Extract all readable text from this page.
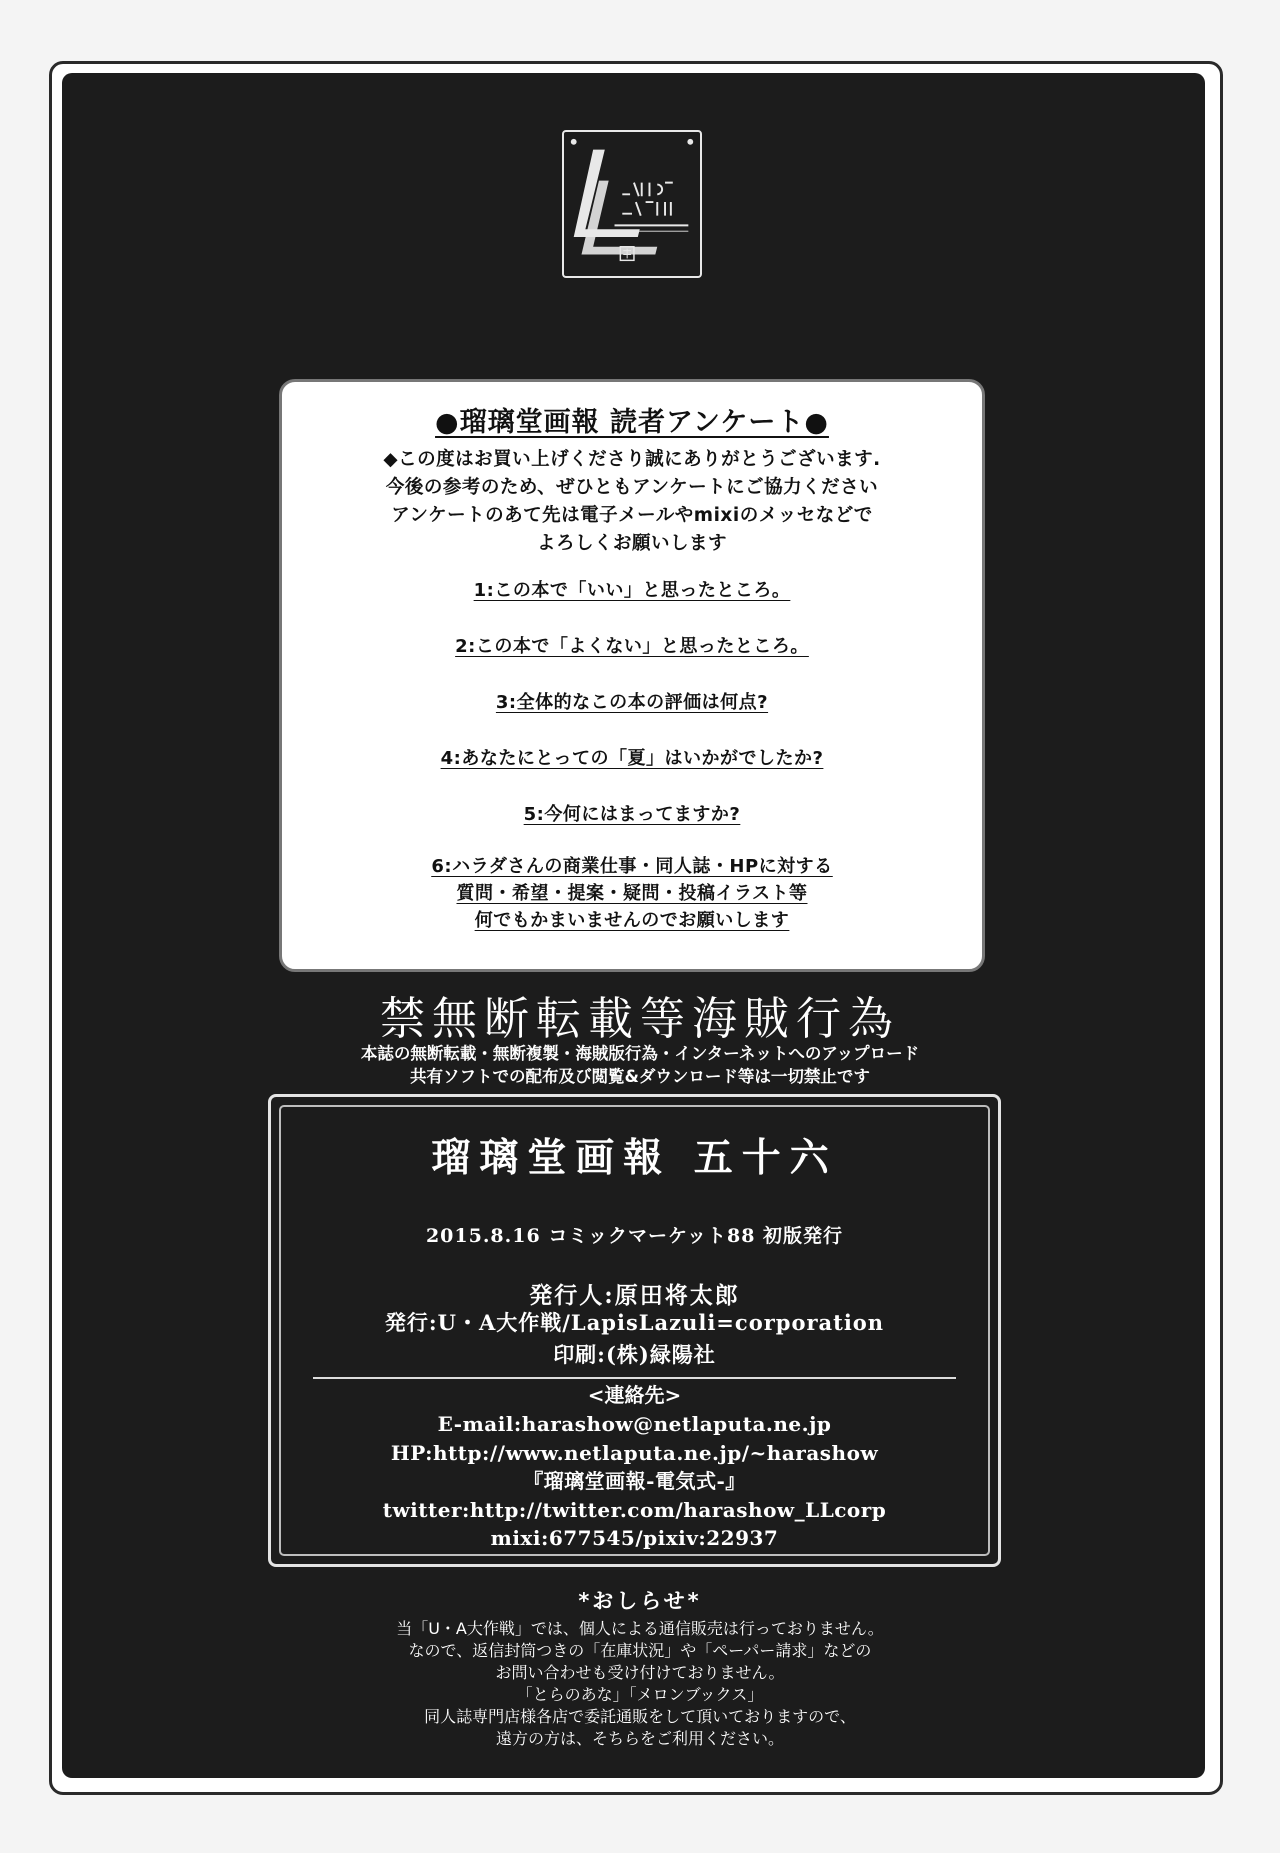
●瑠璃堂画報 読者アンケート●
◆この度はお買い上げくださり誠にありがとうございます.
今後の参考のため、ぜひともアンケートにご協力ください
アンケートのあて先は電子メールやmixiのメッセなどで
よろしくお願いします
1:この本で「いい」と思ったところ。
2:この本で「よくない」と思ったところ。
3:全体的なこの本の評価は何点?
4:あなたにとっての「夏」はいかがでしたか?
5:今何にはまってますか?
6:ハラダさんの商業仕事・同人誌・HPに対する
質問・希望・提案・疑問・投稿イラスト等
何でもかまいませんのでお願いします
禁無断転載等海賊行為
本誌の無断転載・無断複製・海賊版行為・インターネットへのアップロード
共有ソフトでの配布及び閲覧&ダウンロード等は一切禁止です
瑠璃堂画報 五十六
2015.8.16 コミックマーケット88 初版発行
発行人:原田将太郎
発行:U・A大作戦/LapisLazuli=corporation
印刷:(株)緑陽社
<連絡先>
E-mail:harashow@netlaputa.ne.jp
HP:http://www.netlaputa.ne.jp/~harashow
『瑠璃堂画報-電気式-』
twitter:http://twitter.com/harashow_LLcorp
mixi:677545/pixiv:22937
*おしらせ*
当「U・A大作戦」では、個人による通信販売は行っておりません。
なので、返信封筒つきの「在庫状況」や「ペーパー請求」などの
お問い合わせも受け付けておりません。
「とらのあな」「メロンブックス」
同人誌専門店様各店で委託通販をして頂いておりますので、
遠方の方は、そちらをご利用ください。
